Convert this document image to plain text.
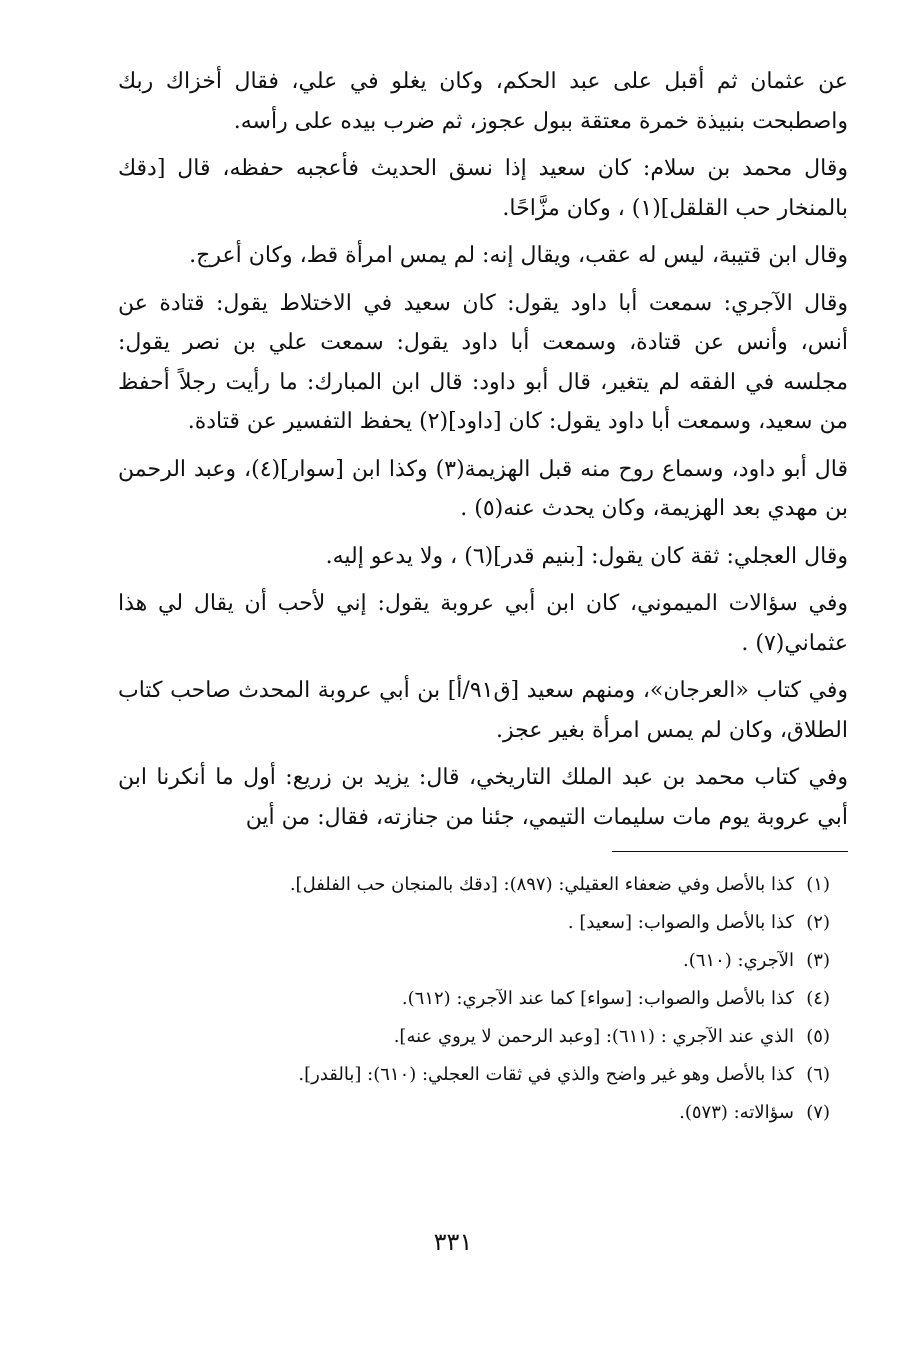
عن عثمان ثم أقبل على عبد الحكم، وكان يغلو في علي، فقال أخزاك ربك واصطبحت بنبيذة خمرة معتقة ببول عجوز، ثم ضرب بيده على رأسه.

وقال محمد بن سلام: كان سعيد إذا نسق الحديث فأعجبه حفظه، قال [دقك بالمنخار حب القلقل](١) ، وكان مزَّاحًا.

وقال ابن قتيبة، ليس له عقب، ويقال إنه: لم يمس امرأة قط، وكان أعرج.

وقال الآجري: سمعت أبا داود يقول: كان سعيد في الاختلاط يقول: قتادة عن أنس، وأنس عن قتادة، وسمعت أبا داود يقول: سمعت علي بن نصر يقول: مجلسه في الفقه لم يتغير، قال أبو داود: قال ابن المبارك: ما رأيت رجلاً أحفظ من سعيد، وسمعت أبا داود يقول: كان [داود](٢) يحفظ التفسير عن قتادة.

قال أبو داود، وسماع روح منه قبل الهزيمة(٣) وكذا ابن [سوار](٤)، وعبد الرحمن بن مهدي بعد الهزيمة، وكان يحدث عنه(٥) .

وقال العجلي: ثقة كان يقول: [بنيم قدر](٦) ، ولا يدعو إليه.

وفي سؤالات الميموني، كان ابن أبي عروبة يقول: إني لأحب أن يقال لي هذا عثماني(٧) .

وفي كتاب «العرجان»، ومنهم سعيد [ق٩١/أ] بن أبي عروبة المحدث صاحب كتاب الطلاق، وكان لم يمس امرأة بغير عجز.

وفي كتاب محمد بن عبد الملك التاريخي، قال: يزيد بن زريع: أول ما أنكرنا ابن أبي عروبة يوم مات سليمات التيمي، جئنا من جنازته، فقال: من أين

(١)
كذا بالأصل وفي ضعفاء العقيلي: (٨٩٧): [دقك بالمنجان حب الفلفل].
(٢)
كذا بالأصل والصواب: [سعيد] .
(٣)
الآجري: (٦١٠).
(٤)
كذا بالأصل والصواب: [سواء] كما عند الآجري: (٦١٢).
(٥)
الذي عند الآجري : (٦١١): [وعبد الرحمن لا يروي عنه].
(٦)
كذا بالأصل وهو غير واضح والذي في ثقات العجلي: (٦١٠): [بالقدر].
(٧)
سؤالاته: (٥٧٣).
٣٣١
